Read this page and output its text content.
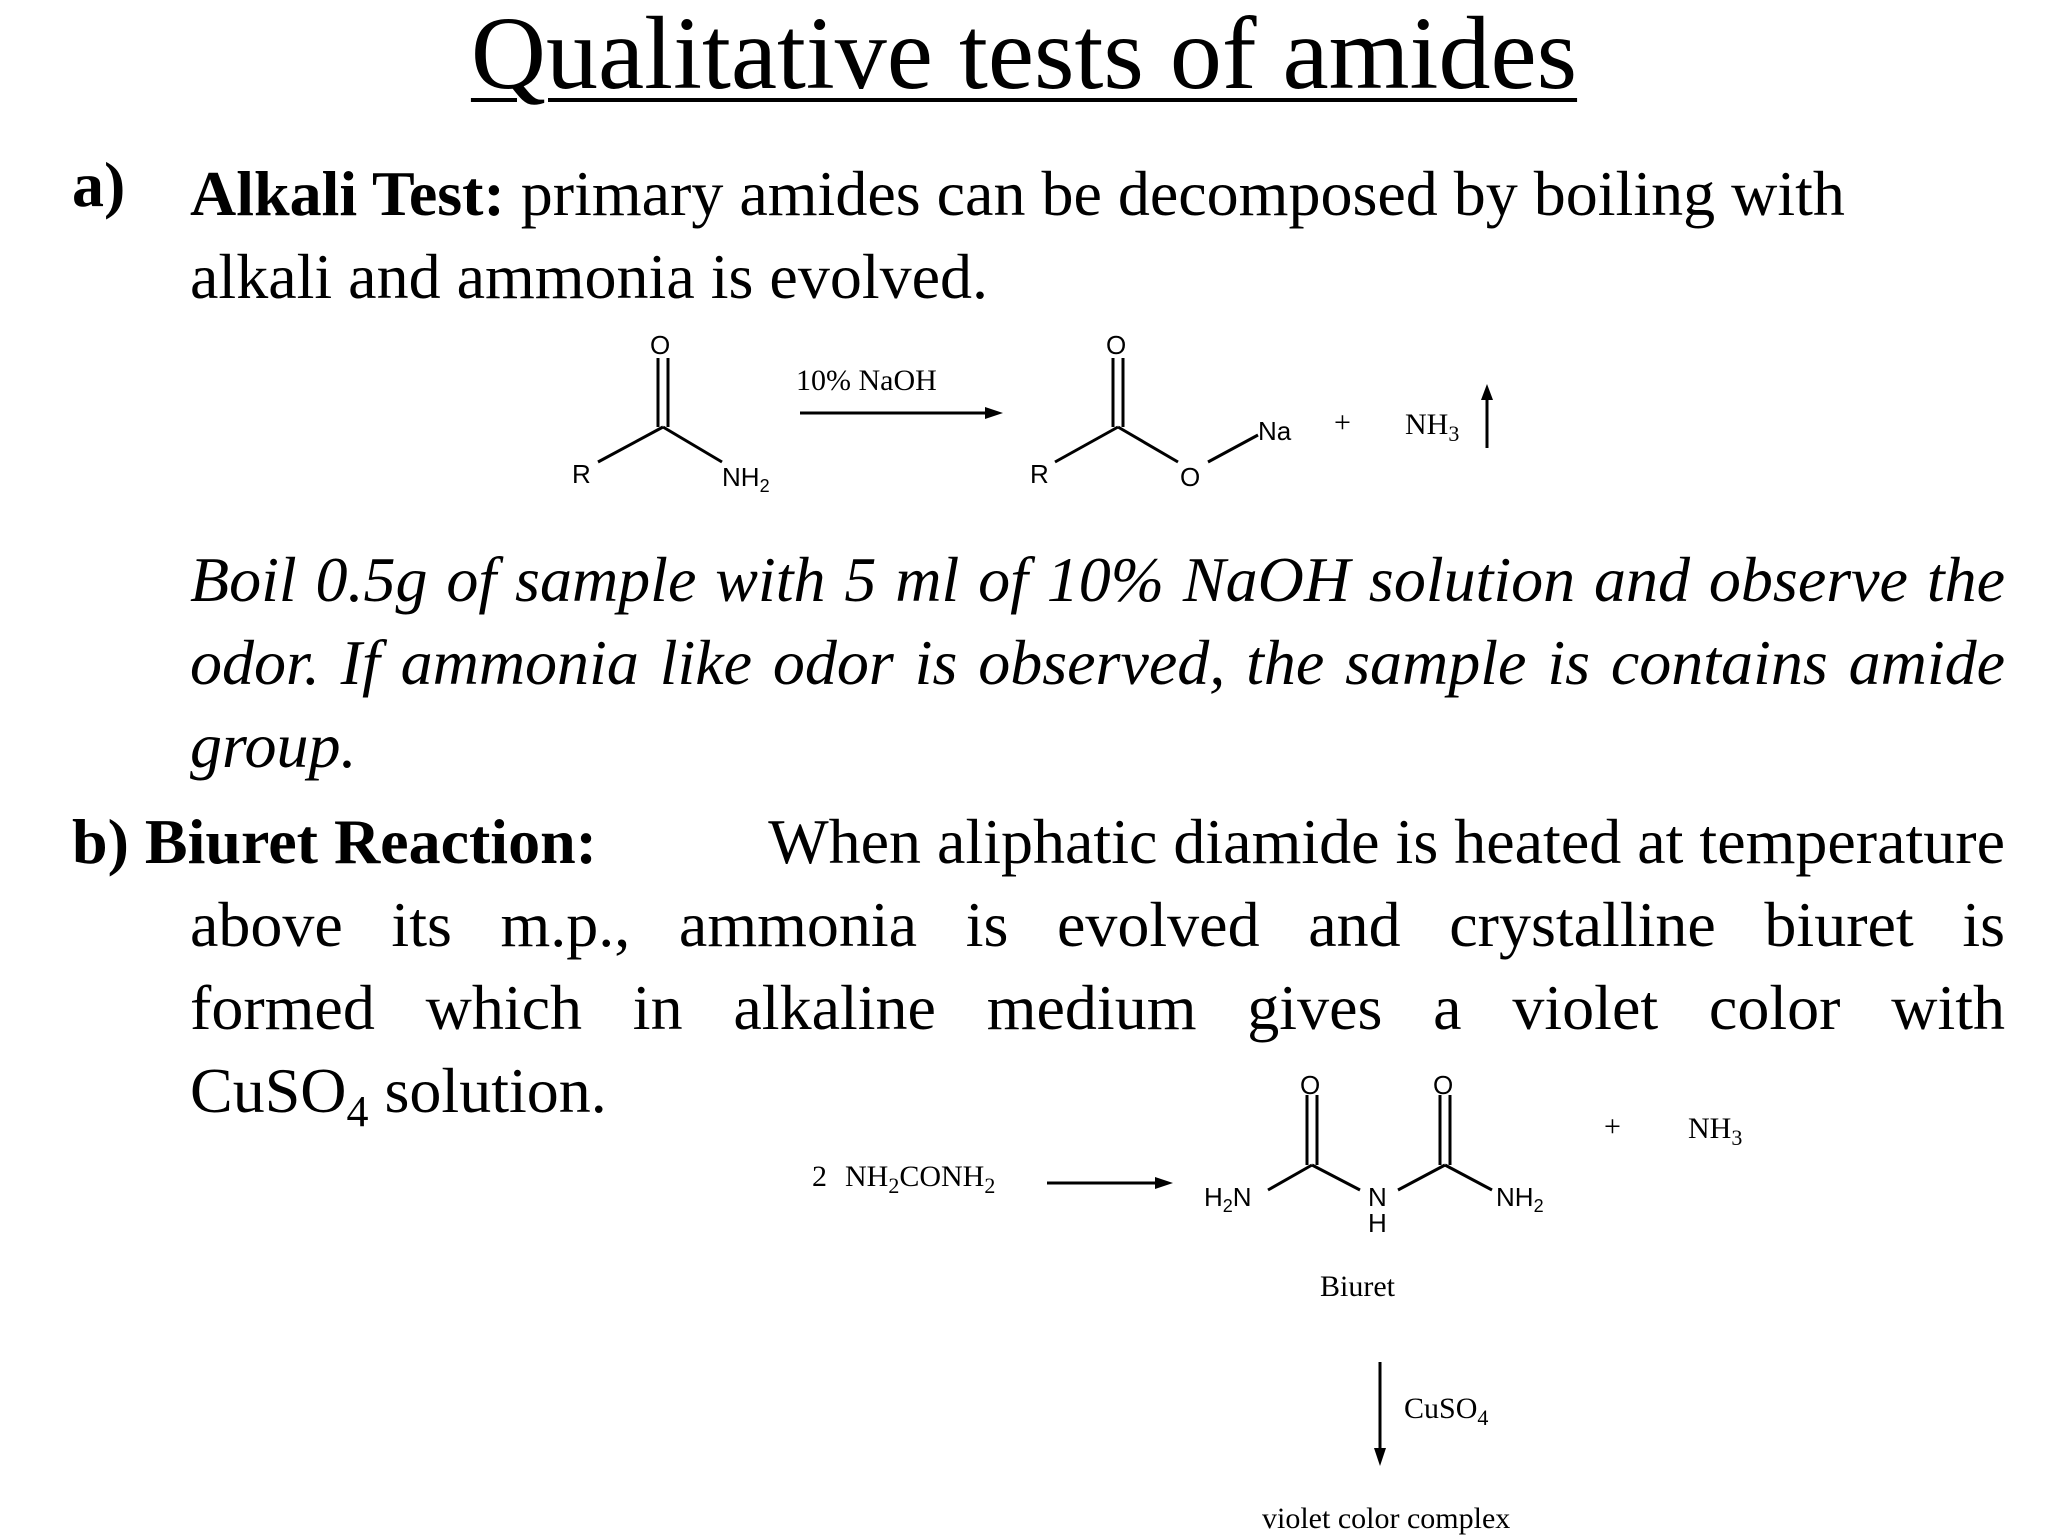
Qualitative tests of amides
a) Alkali Test: primary amides can be decomposed by boiling with
alkali and ammonia is evolved.
Boil 0.5g of sample with 5 ml of 10% NaOH solution and observe the odor. If ammonia like odor is observed, the sample is contains amide group.
b) Biuret Reaction:	When aliphatic diamide is heated at temperature
above its m.p., ammonia is evolved and crystalline biuret is
formed which in alkaline medium gives a violet color with
CuSO$_4$ solution.
O
R	$NH_2$
O
R	O
Na
10% NaOH
+ $NH_3$
2 $NH_2CONH_2$
+ $NH_3$
Biuret
CuSO$_4$
violet color complex
O	O
$H_2N$	N
H
$NH_2$
